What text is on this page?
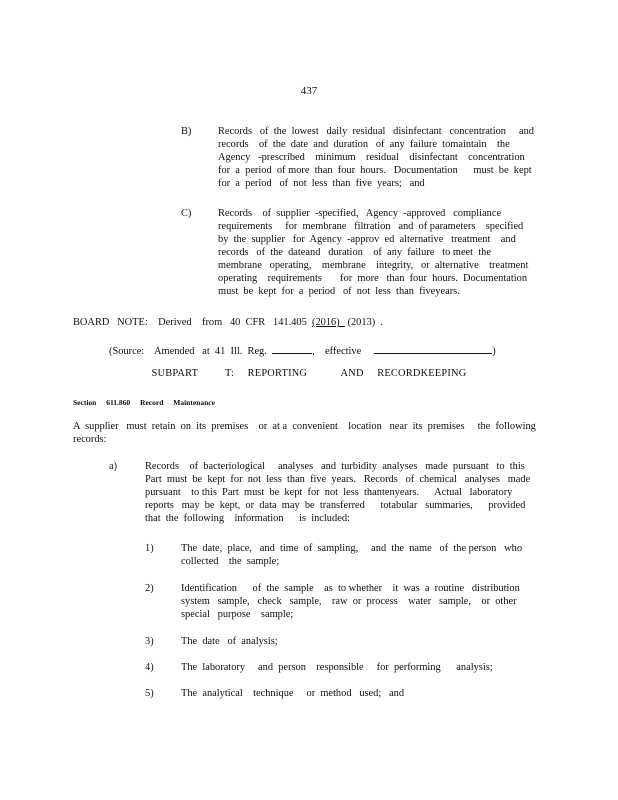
437
B)	Records   of  the  lowest   daily  residual   disinfectant   concentration     and
records    of  the  date  and  duration   of  any  failure  tomaintain    the
Agency   -prescribed    minimum    residual    disinfectant    concentration
for  a  period  of more  than  four  hours.   Documentation      must  be  kept
for  a  period   of  not  less  than  five  years;   and
C)	Records    of  supplier  -specified,   Agency  -approved   compliance
requirements     for  membrane   filtration   and  of parameters    specified
by  the  supplier   for  Agency  -approv  ed  alternative   treatment    and
records   of  the  dateand   duration    of  any  failure   to meet  the
membrane   operating,    membrane    integrity,   or  alternative    treatment
operating    requirements       for  more   than  four  hours.  Documentation
must  be  kept  for  a  period   of  not  less  than  fiveyears.
BOARD   NOTE:    Derived    from   40  CFR   141.405  (2016)   (2013)  .
(Source:    Amended   at  41  Ill.  Reg.	,    effective	)
SUBPART    T:  REPORTING     AND  RECORDKEEPING
Section 611.860 Record Maintenance
A  supplier   must  retain  on  its  premises    or  at a  convenient    location   near  its  premises     the  following
records:
a)	Records    of  bacteriological     analyses   and  turbidity  analyses   made  pursuant   to  this
Part  must  be  kept  for  not  less  than  five  years.   Records   of  chemical   analyses   made
pursuant    to this  Part  must  be  kept  for  not  less  thantenyears.      Actual   laboratory
reports   may  be  kept,  or  data  may  be  transferred      totabular   summaries,      provided
that  the  following    information      is  included:
1)	The  date,  place,   and  time  of  sampling,     and  the  name   of  the person   who
collected    the  sample;
2)	Identification      of  the  sample    as  to whether    it  was  a  routine   distribution
system   sample,   check   sample,    raw  or  process    water   sample,    or  other
special   purpose    sample;
3)	The  date   of  analysis;
4)	The  laboratory     and  person    responsible     for  performing      analysis;
5)	The  analytical    technique     or  method   used;   and
